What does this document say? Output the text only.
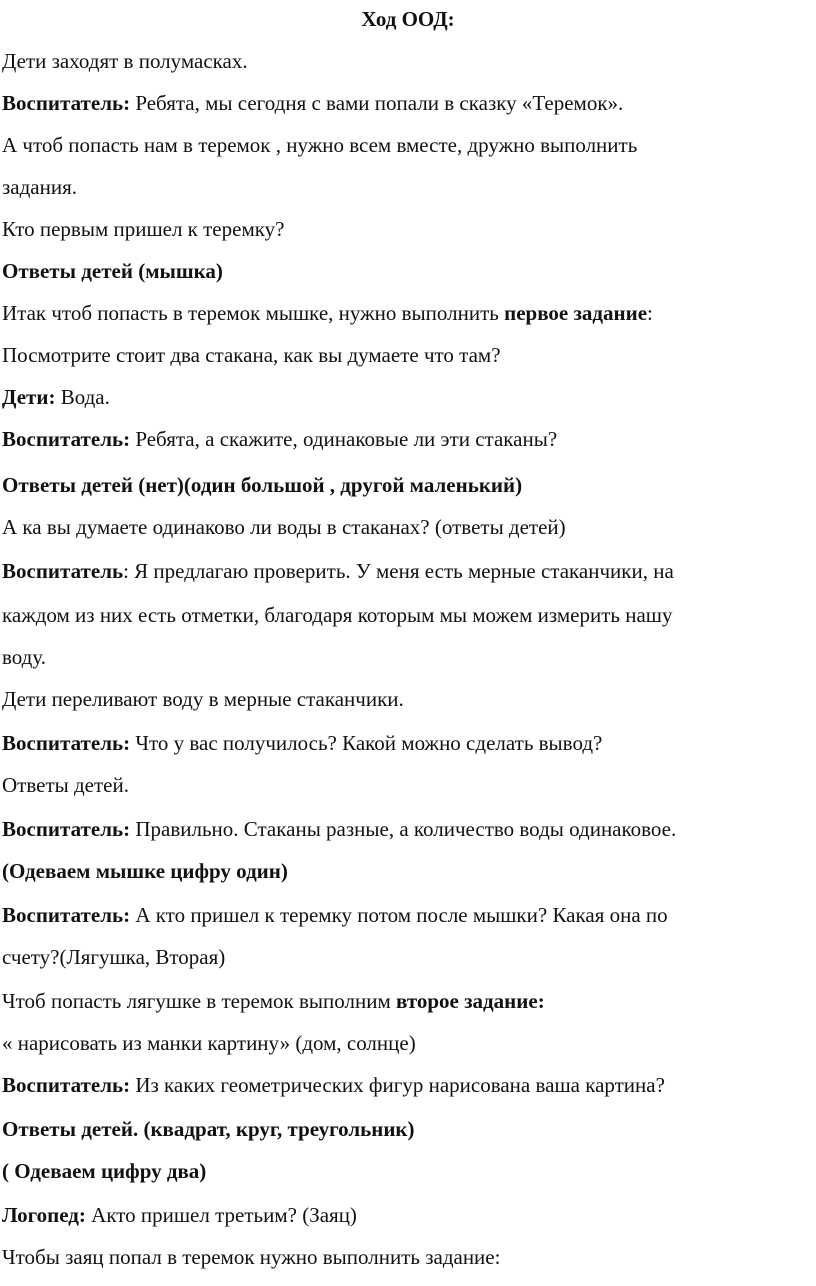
Ход ООД:
Дети заходят в полумасках.
Воспитатель: Ребята, мы сегодня с вами попали в сказку «Теремок».
А чтоб попасть нам в теремок , нужно всем вместе, дружно выполнить
задания.
Кто первым пришел к теремку?
Ответы детей (мышка)
Итак чтоб попасть в теремок мышке, нужно выполнить первое задание:
Посмотрите стоит два стакана, как вы думаете что там?
Дети: Вода.
Воспитатель: Ребята, а скажите, одинаковые ли эти стаканы?
Ответы детей (нет)(один большой , другой маленький)
А ка вы думаете одинаково ли воды в стаканах? (ответы детей)
Воспитатель: Я предлагаю проверить. У меня есть мерные стаканчики, на
каждом из них есть отметки, благодаря которым мы можем измерить нашу
воду.
Дети переливают воду в мерные стаканчики.
Воспитатель: Что у вас получилось? Какой можно сделать вывод?
Ответы детей.
Воспитатель: Правильно. Стаканы разные, а количество воды одинаковое.
(Одеваем мышке цифру один)
Воспитатель: А кто пришел к теремку потом после мышки? Какая она по
счету?(Лягушка, Вторая)
Чтоб попасть лягушке в теремок выполним второе задание:
« нарисовать из манки картину» (дом, солнце)
Воспитатель: Из каких геометрических фигур нарисована ваша картина?
Ответы детей. (квадрат, круг, треугольник)
( Одеваем цифру два)
Логопед: Акто пришел третьим? (Заяц)
Чтобы заяц попал в теремок нужно выполнить задание:
